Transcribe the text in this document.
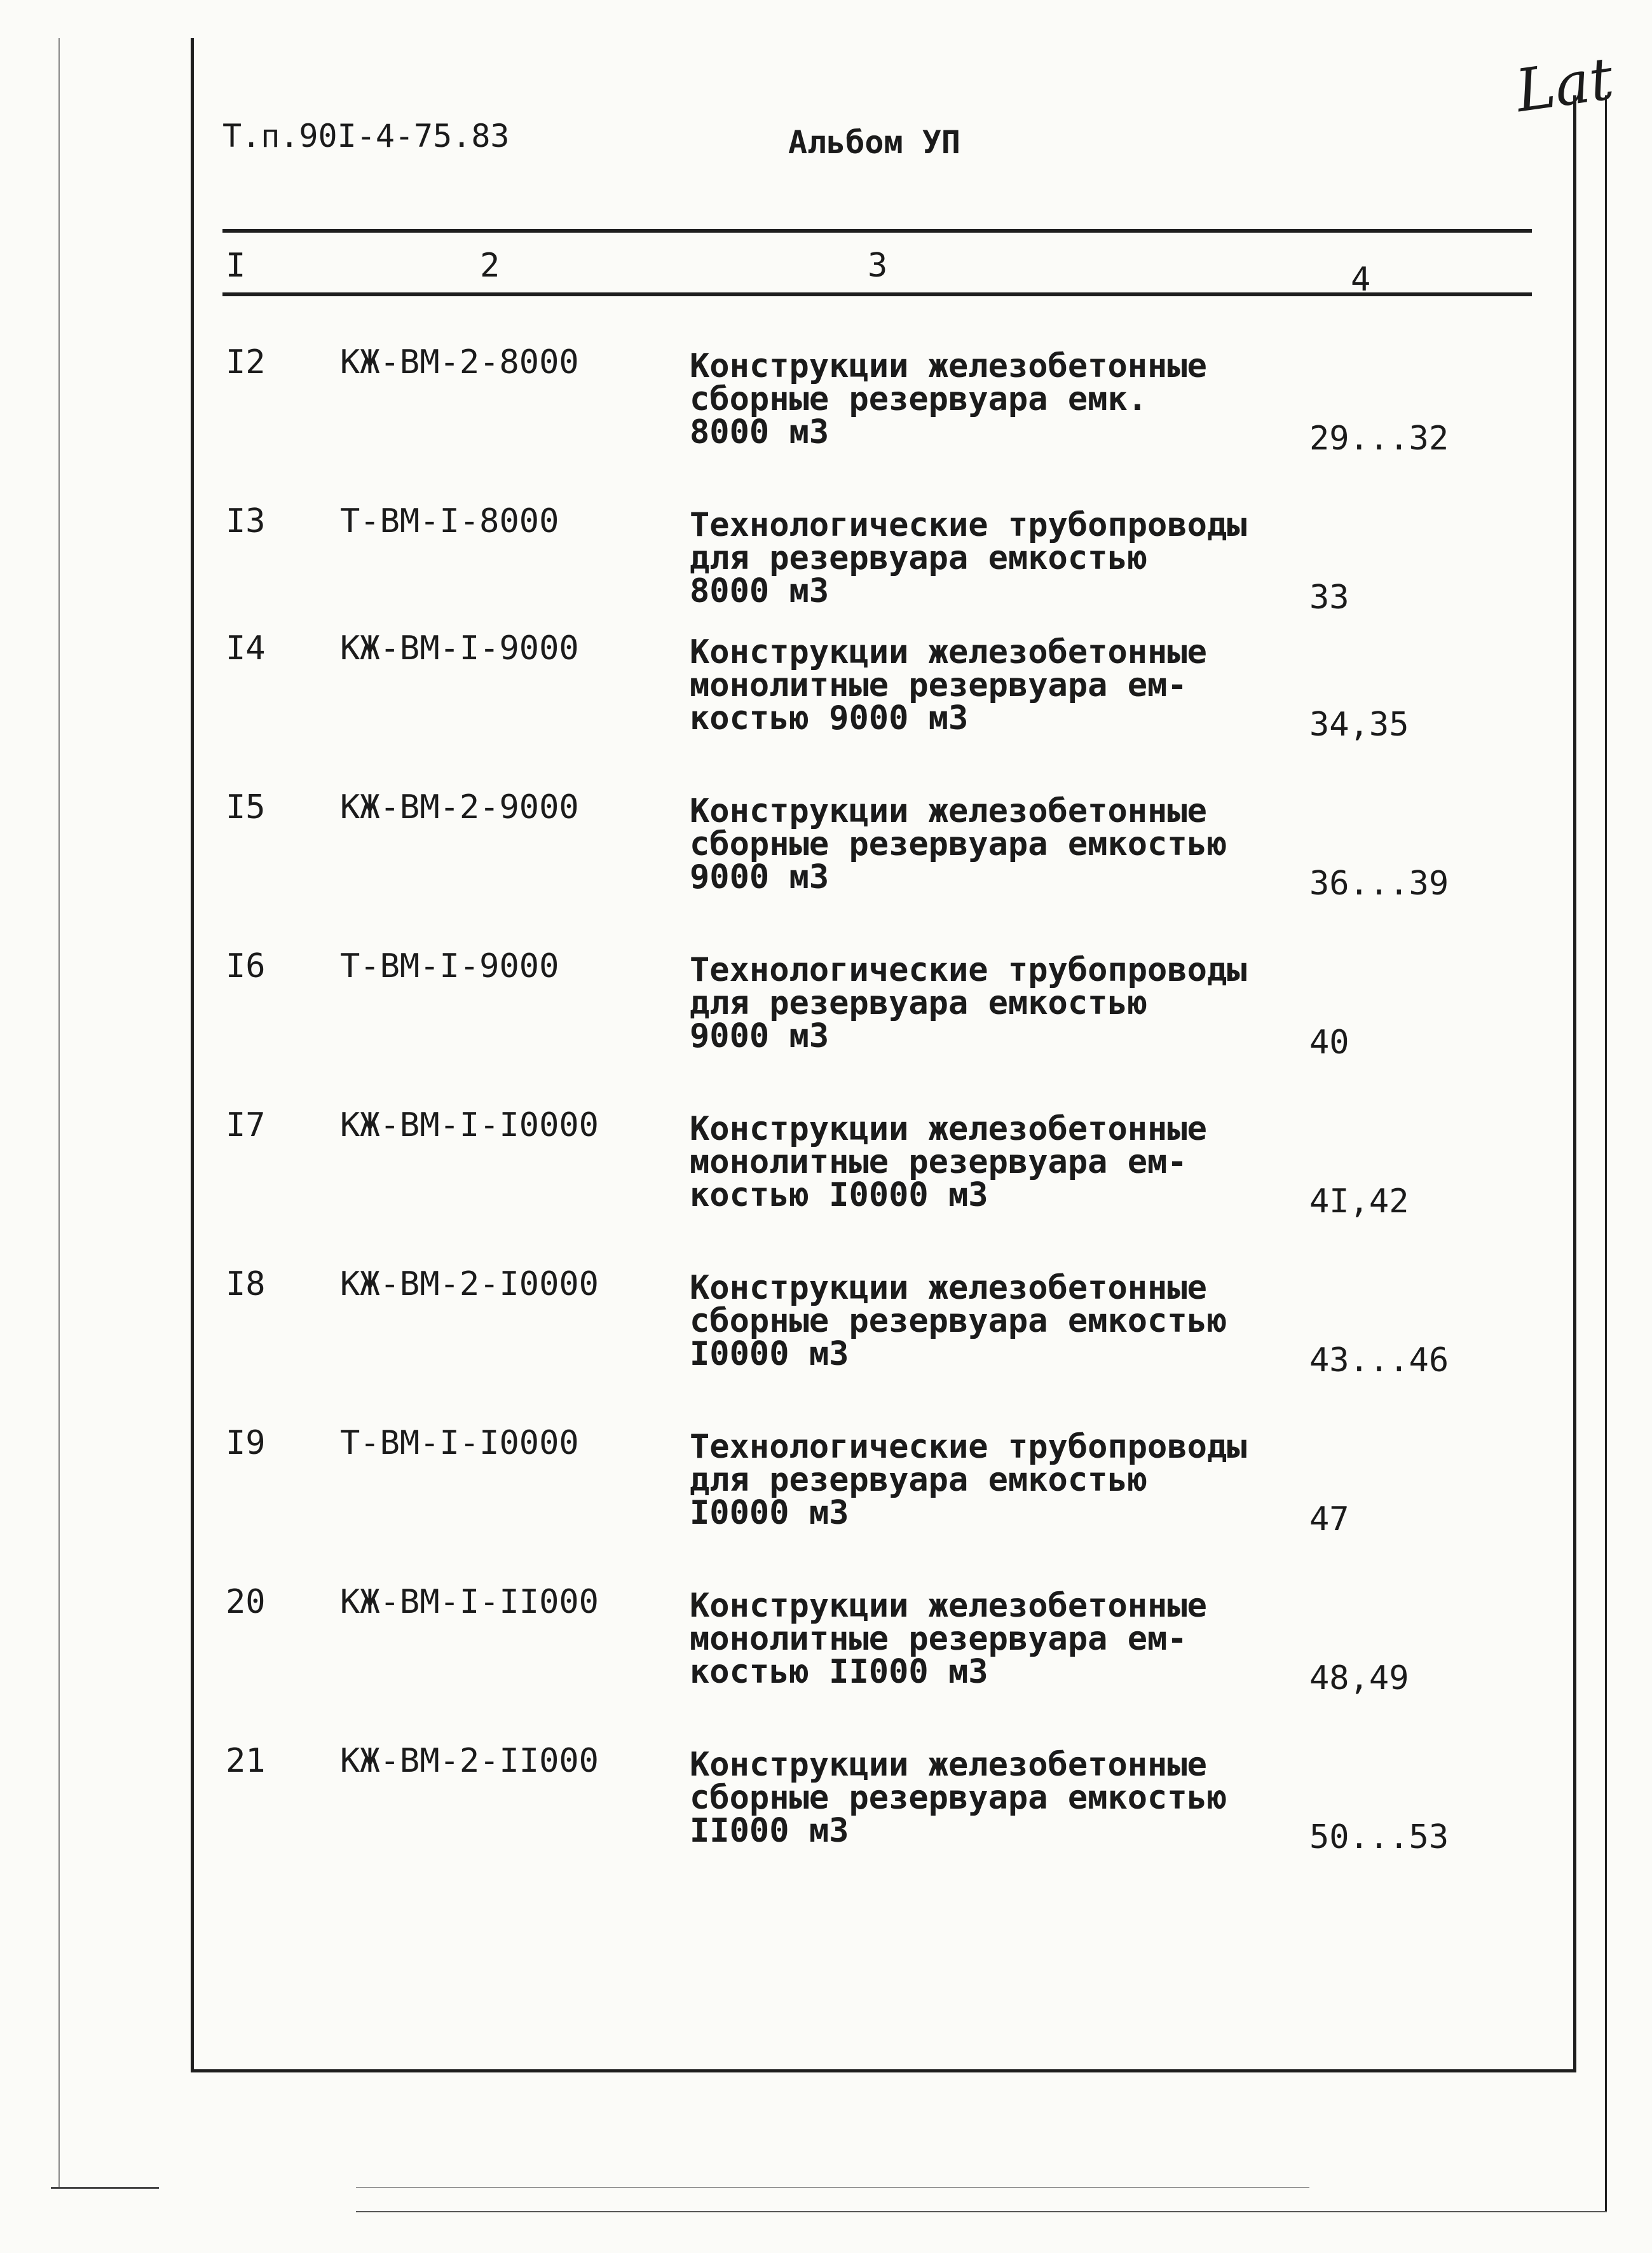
Т.п.90I-4-75.83	Альбом УП
Lat
I	2	3	4
I2 КЖ-ВМ-2-8000	Конструкции железобетонные
сборные резервуара емк.
8000 м3	29...32
I3 Т-ВМ-I-8000	Технологические трубопроводы
для резервуара емкостью
8000 м3	33
I4 КЖ-ВМ-I-9000	Конструкции железобетонные
монолитные резервуара ем-
костью 9000 м3	34,35
I5 КЖ-ВМ-2-9000	Конструкции железобетонные
сборные резервуара емкостью
9000 м3	36...39
I6 Т-ВМ-I-9000	Технологические трубопроводы
для резервуара емкостью
9000 м3	40
I7 КЖ-ВМ-I-I0000	Конструкции железобетонные
монолитные резервуара ем-
костью I0000 м3	4I,42
I8 КЖ-ВМ-2-I0000	Конструкции железобетонные
сборные резервуара емкостью
I0000 м3	43...46
I9 Т-ВМ-I-I0000	Технологические трубопроводы
для резервуара емкостью
I0000 м3	47
20 КЖ-ВМ-I-II000	Конструкции железобетонные
монолитные резервуара ем-
костью II000 м3	48,49
21 КЖ-ВМ-2-II000	Конструкции железобетонные
сборные резервуара емкостью
II000 м3	50...53
